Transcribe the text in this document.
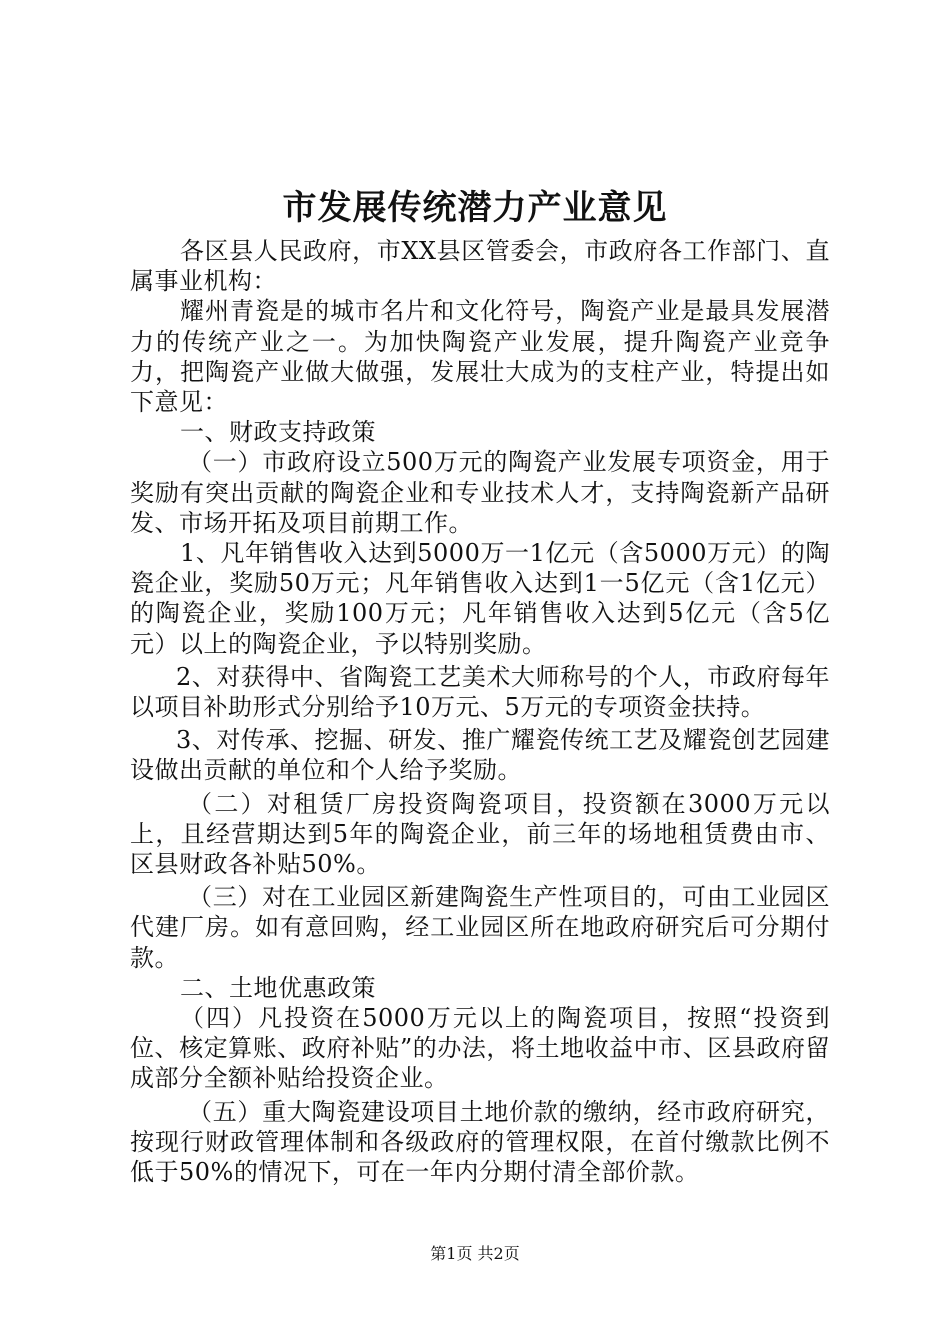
市发展传统潜力产业意见

各区县人民政府，市XX县区管委会，市政府各工作部门、直属事业机构：

耀州青瓷是的城市名片和文化符号，陶瓷产业是最具发展潜力的传统产业之一。为加快陶瓷产业发展，提升陶瓷产业竞争力，把陶瓷产业做大做强，发展壮大成为的支柱产业，特提出如下意见：

一、财政支持政策

（一）市政府设立500万元的陶瓷产业发展专项资金，用于奖励有突出贡献的陶瓷企业和专业技术人才，支持陶瓷新产品研发、市场开拓及项目前期工作。

1、凡年销售收入达到5000万一1亿元（含5000万元）的陶瓷企业，奖励50万元；凡年销售收入达到1一5亿元（含1亿元）的陶瓷企业，奖励100万元；凡年销售收入达到5亿元（含5亿元）以上的陶瓷企业，予以特别奖励。

2、对获得中、省陶瓷工艺美术大师称号的个人，市政府每年以项目补助形式分别给予10万元、5万元的专项资金扶持。

3、对传承、挖掘、研发、推广耀瓷传统工艺及耀瓷创艺园建设做出贡献的单位和个人给予奖励。

（二）对租赁厂房投资陶瓷项目，投资额在3000万元以上，且经营期达到5年的陶瓷企业，前三年的场地租赁费由市、区县财政各补贴50%。

（三）对在工业园区新建陶瓷生产性项目的，可由工业园区代建厂房。如有意回购，经工业园区所在地政府研究后可分期付款。

二、土地优惠政策

（四）凡投资在5000万元以上的陶瓷项目，按照“投资到位、核定算账、政府补贴”的办法，将土地收益中市、区县政府留成部分全额补贴给投资企业。

（五）重大陶瓷建设项目土地价款的缴纳，经市政府研究，按现行财政管理体制和各级政府的管理权限，在首付缴款比例不低于50%的情况下，可在一年内分期付清全部价款。

第1页 共2页
